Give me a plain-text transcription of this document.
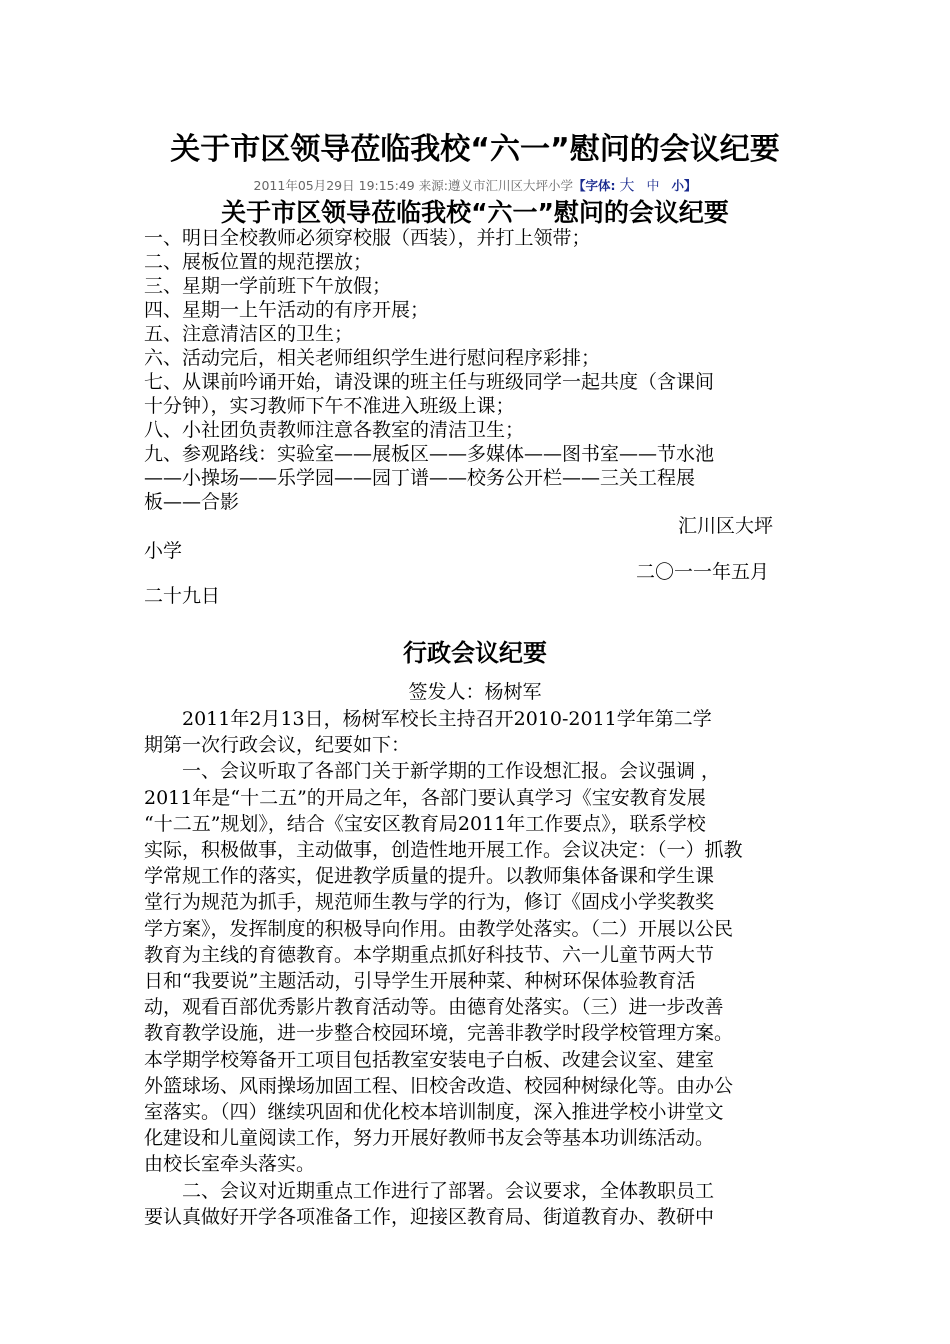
关于市区领导莅临我校“六一”慰问的会议纪要
2011年05月29日 19:15:49 来源:遵义市汇川区大坪小学【字体: 大 中 小】
关于市区领导莅临我校“六一”慰问的会议纪要
一、明日全校教师必须穿校服（西装），并打上领带；
二、展板位置的规范摆放；
三、星期一学前班下午放假；
四、星期一上午活动的有序开展；
五、注意清洁区的卫生；
六、活动完后，相关老师组织学生进行慰问程序彩排；
七、从课前吟诵开始，请没课的班主任与班级同学一起共度（含课间
十分钟），实习教师下午不准进入班级上课；
八、小社团负责教师注意各教室的清洁卫生；
九、参观路线：实验室——展板区——多媒体——图书室——节水池
——小操场——乐学园——园丁谱——校务公开栏——三关工程展
板——合影
汇川区大坪
小学
二〇一一年五月
二十九日
行政会议纪要
签发人：杨树军
　　2011年2月13日，杨树军校长主持召开2010-2011学年第二学
期第一次行政会议，纪要如下：
　　一、会议听取了各部门关于新学期的工作设想汇报。会议强调 ，
2011年是“十二五”的开局之年，各部门要认真学习《宝安教育发展
“十二五”规划》，结合《宝安区教育局2011年工作要点》，联系学校
实际，积极做事，主动做事，创造性地开展工作。会议决定：（一）抓教
学常规工作的落实，促进教学质量的提升。以教师集体备课和学生课
堂行为规范为抓手，规范师生教与学的行为，修订《固戍小学奖教奖
学方案》，发挥制度的积极导向作用。由教学处落实。（二）开展以公民
教育为主线的育德教育。本学期重点抓好科技节、六一儿童节两大节
日和“我要说”主题活动，引导学生开展种菜、种树环保体验教育活
动，观看百部优秀影片教育活动等。由德育处落实。（三）进一步改善
教育教学设施，进一步整合校园环境，完善非教学时段学校管理方案。
本学期学校筹备开工项目包括教室安装电子白板、改建会议室、建室
外篮球场、风雨操场加固工程、旧校舍改造、校园种树绿化等。由办公
室落实。（四）继续巩固和优化校本培训制度，深入推进学校小讲堂文
化建设和儿童阅读工作，努力开展好教师书友会等基本功训练活动。
由校长室牵头落实。
　　二、会议对近期重点工作进行了部署。会议要求，全体教职员工
要认真做好开学各项准备工作，迎接区教育局、街道教育办、教研中
